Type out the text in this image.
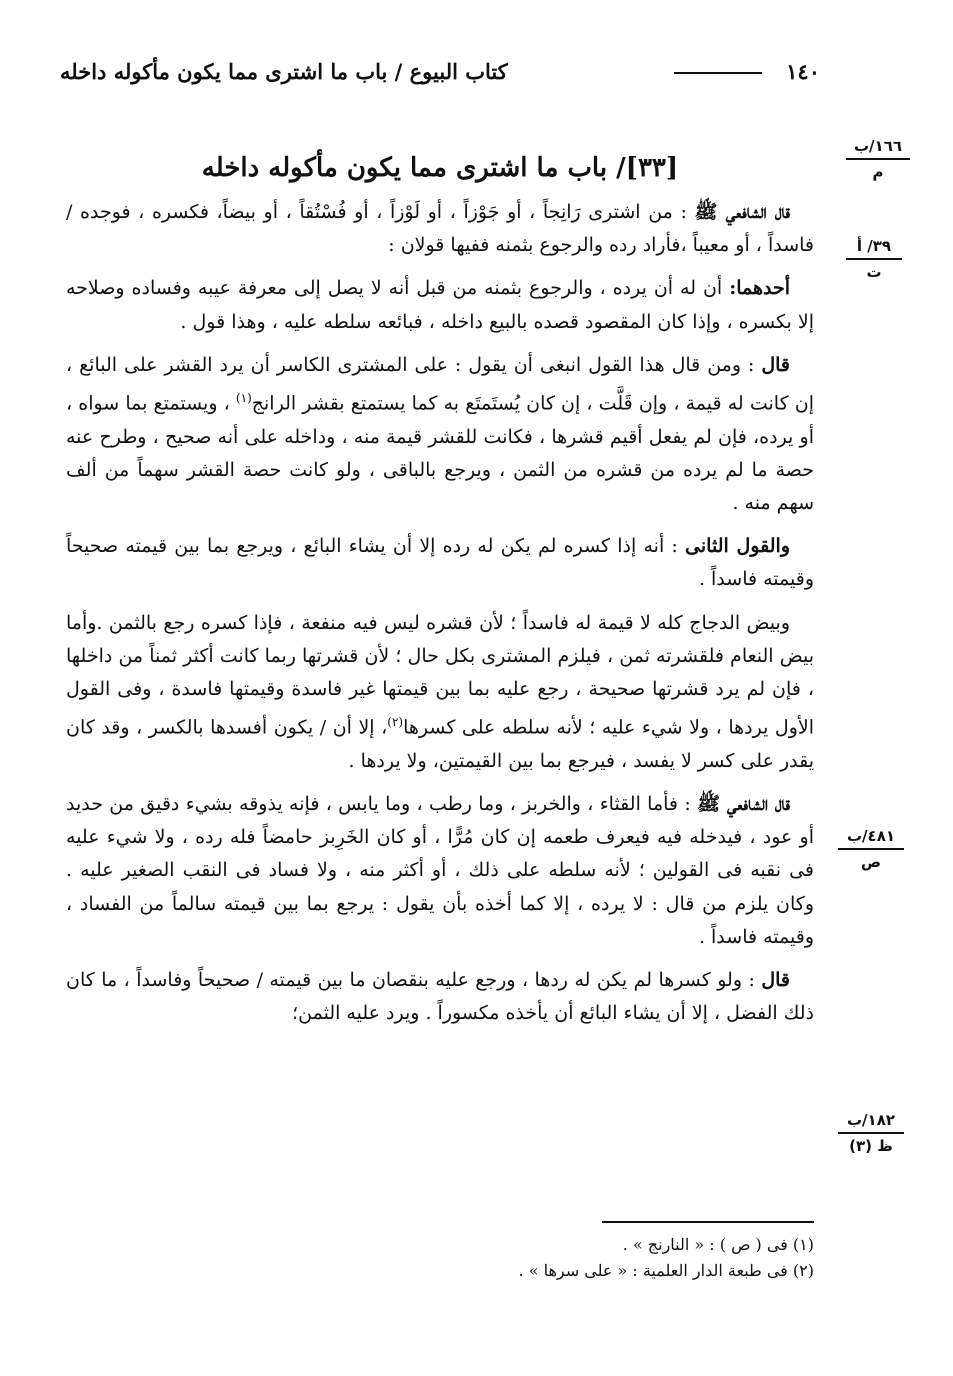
١٤٠
كتاب البيوع / باب ما اشترى مما يكون مأكوله داخله
١٦٦/ب
م
٣٩/ أ
ت
٤٨١/ب
ص
١٨٢/ب
ظ (٣)
[٣٣]/ باب ما اشترى مما يكون مأكوله داخله

قال الشافعي ﷺ : من اشترى رَانِجاً ، أو جَوْزاً ، أو لَوْزاً ، أو فُسْتُقاً ، أو بيضاً، فكسره ، فوجده / فاسداً ، أو معيباً ،فأراد رده والرجوع بثمنه ففيها قولان :

أحدهما: أن له أن يرده ، والرجوع بثمنه من قبل أنه لا يصل إلى معرفة عيبه وفساده وصلاحه إلا بكسره ، وإذا كان المقصود قصده بالبيع داخله ، فبائعه سلطه عليه ، وهذا قول .

قال : ومن قال هذا القول انبغى أن يقول : على المشترى الكاسر أن يرد القشر على البائع ، إن كانت له قيمة ، وإن قَلَّت ، إن كان يُستَمتَع به كما يستمتع بقشر الرانج$^{(١)}$ ، ويستمتع بما سواه ، أو يرده، فإن لم يفعل أقيم قشرها ، فكانت للقشر قيمة منه ، وداخله على أنه صحيح ، وطرح عنه حصة ما لم يرده من قشره من الثمن ، ويرجع بالباقى ، ولو كانت حصة القشر سهماً من ألف سهم منه .

والقول الثانى : أنه إذا كسره لم يكن له رده إلا أن يشاء البائع ، ويرجع بما بين قيمته صحيحاً وقيمته فاسداً .

وبيض الدجاج كله لا قيمة له فاسداً ؛ لأن قشره ليس فيه منفعة ، فإذا كسره رجع بالثمن .وأما بيض النعام فلقشرته ثمن ، فيلزم المشترى بكل حال ؛ لأن قشرتها ربما كانت أكثر ثمناً من داخلها ، فإن لم يرد قشرتها صحيحة ، رجع عليه بما بين قيمتها غير فاسدة وقيمتها فاسدة ، وفى القول الأول يردها ، ولا شيء عليه ؛ لأنه سلطه على كسرها$^{(٢)}$، إلا أن / يكون أفسدها بالكسر ، وقد كان يقدر على كسر لا يفسد ، فيرجع بما بين القيمتين، ولا يردها .

قال الشافعي ﷺ : فأما القثاء ، والخربز ، وما رطب ، وما يابس ، فإنه يذوقه بشيء دقيق من حديد أو عود ، فيدخله فيه فيعرف طعمه إن كان مُرًّا ، أو كان الخَرِبز حامضاً فله رده ، ولا شيء عليه فى نقبه فى القولين ؛ لأنه سلطه على ذلك ، أو أكثر منه ، ولا فساد فى النقب الصغير عليه . وكان يلزم من قال : لا يرده ، إلا كما أخذه بأن يقول : يرجع بما بين قيمته سالماً من الفساد ، وقيمته فاسداً .

قال : ولو كسرها لم يكن له ردها ، ورجع عليه بنقصان ما بين قيمته / صحيحاً وفاسداً ، ما كان ذلك الفضل ، إلا أن يشاء البائع أن يأخذه مكسوراً . ويرد عليه الثمن؛

(١) فى ( ص ) : « النارنج » .
(٢) فى طبعة الدار العلمية : « على سرها » .
